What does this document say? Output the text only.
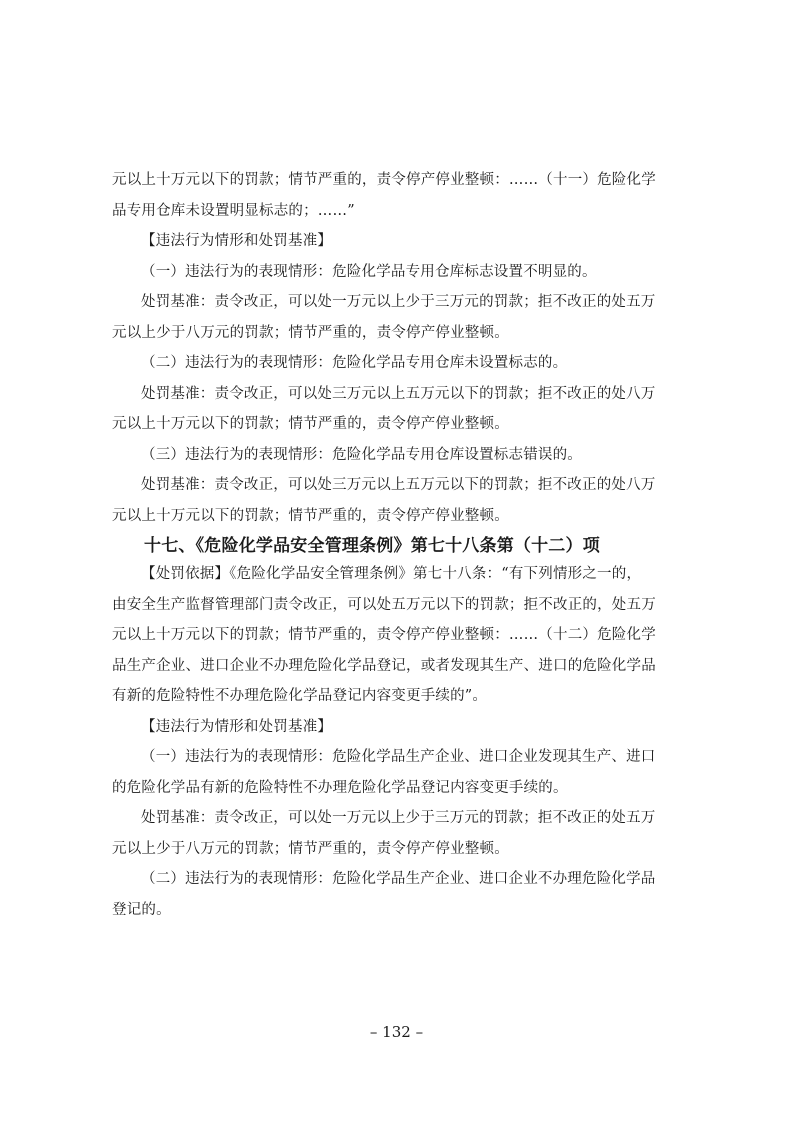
元以上十万元以下的罚款；情节严重的，责令停产停业整顿：……（十一）危险化学
品专用仓库未设置明显标志的；……”
【违法行为情形和处罚基准】
（一）违法行为的表现情形：危险化学品专用仓库标志设置不明显的。
处罚基准：责令改正，可以处一万元以上少于三万元的罚款；拒不改正的处五万
元以上少于八万元的罚款；情节严重的，责令停产停业整顿。
（二）违法行为的表现情形：危险化学品专用仓库未设置标志的。
处罚基准：责令改正，可以处三万元以上五万元以下的罚款；拒不改正的处八万
元以上十万元以下的罚款；情节严重的，责令停产停业整顿。
（三）违法行为的表现情形：危险化学品专用仓库设置标志错误的。
处罚基准：责令改正，可以处三万元以上五万元以下的罚款；拒不改正的处八万
元以上十万元以下的罚款；情节严重的，责令停产停业整顿。
十七、《危险化学品安全管理条例》第七十八条第（十二）项
【处罚依据】《危险化学品安全管理条例》第七十八条：“有下列情形之一的，
由安全生产监督管理部门责令改正，可以处五万元以下的罚款；拒不改正的，处五万
元以上十万元以下的罚款；情节严重的，责令停产停业整顿：……（十二）危险化学
品生产企业、进口企业不办理危险化学品登记，或者发现其生产、进口的危险化学品
有新的危险特性不办理危险化学品登记内容变更手续的”。
【违法行为情形和处罚基准】
（一）违法行为的表现情形：危险化学品生产企业、进口企业发现其生产、进口
的危险化学品有新的危险特性不办理危险化学品登记内容变更手续的。
处罚基准：责令改正，可以处一万元以上少于三万元的罚款；拒不改正的处五万
元以上少于八万元的罚款；情节严重的，责令停产停业整顿。
（二）违法行为的表现情形：危险化学品生产企业、进口企业不办理危险化学品
登记的。
– 132 –
